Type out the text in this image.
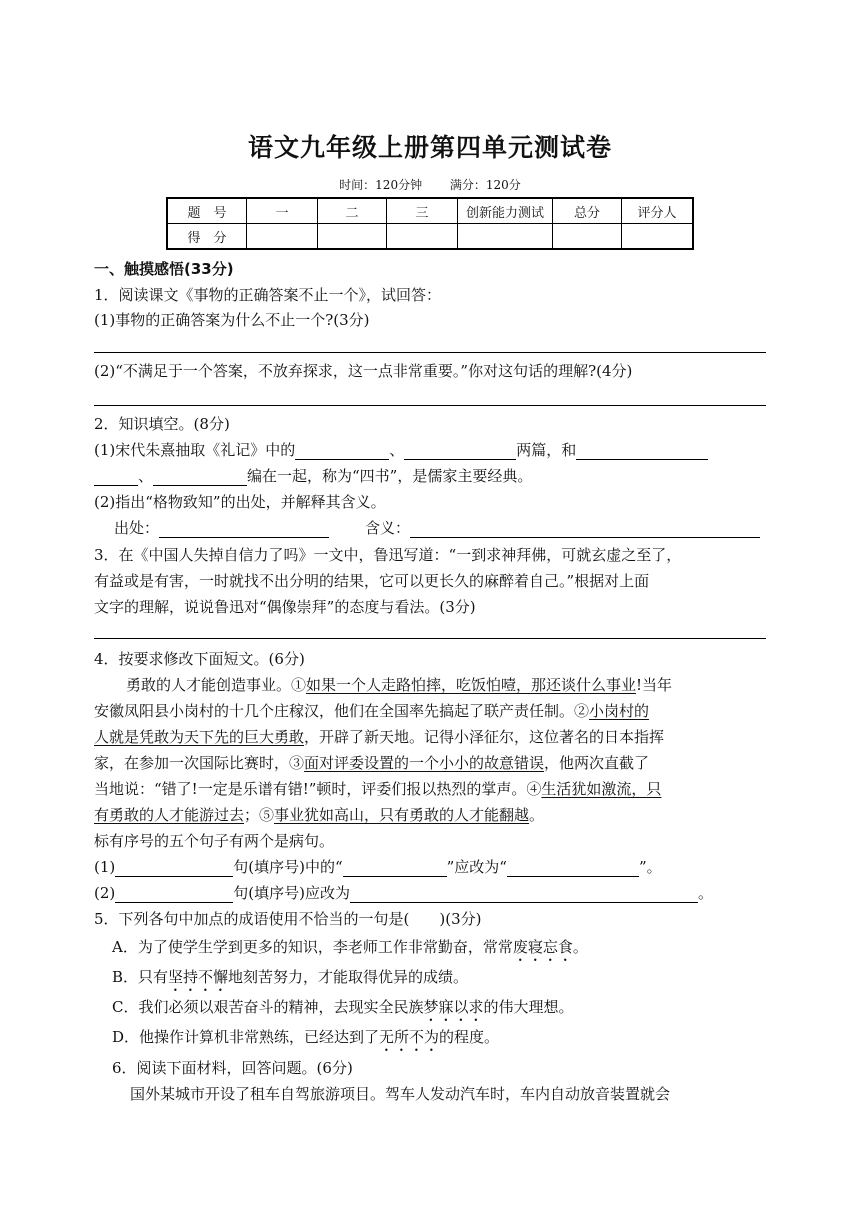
语文九年级上册第四单元测试卷
时间：120分钟 满分：120分
题　号	一	二	三	创新能力测试	总分	评分人
得　分						
一、触摸感悟(33分)
1．阅读课文《事物的正确答案不止一个》，试回答：
(1)事物的正确答案为什么不止一个?(3分)
(2)“不满足于一个答案，不放弃探求，这一点非常重要。”你对这句话的理解?(4分)
2．知识填空。(8分)
(1)宋代朱熹抽取《礼记》中的	、	两篇，和
、	编在一起，称为“四书”，是儒家主要经典。
(2)指出“格物致知”的出处，并解释其含义。
出处：	含义：
3．在《中国人失掉自信力了吗》一文中，鲁迅写道：“一到求神拜佛，可就玄虚之至了，
有益或是有害，一时就找不出分明的结果，它可以更长久的麻醉着自己。”根据对上面
文字的理解，说说鲁迅对“偶像崇拜”的态度与看法。(3分)
4．按要求修改下面短文。(6分)
勇敢的人才能创造事业。①如果一个人走路怕摔，吃饭怕噎，那还谈什么事业!当年
安徽凤阳县小岗村的十几个庄稼汉，他们在全国率先搞起了联产责任制。②小岗村的
人就是凭敢为天下先的巨大勇敢，开辟了新天地。记得小泽征尔，这位著名的日本指挥
家，在参加一次国际比赛时，③面对评委设置的一个小小的故意错误，他两次直截了
当地说：“错了!一定是乐谱有错!”顿时，评委们报以热烈的掌声。④生活犹如激流，只
有勇敢的人才能游过去；⑤事业犹如高山，只有勇敢的人才能翻越。
标有序号的五个句子有两个是病句。
(1)	句(填序号)中的“	”应改为“	”。
(2)	句(填序号)应改为	。
5．下列各句中加点的成语使用不恰当的一句是(　　)(3分)
A．为了使学生学到更多的知识，李老师工作非常勤奋，常常废寝忘食。
B．只有坚持不懈地刻苦努力，才能取得优异的成绩。
C．我们必须以艰苦奋斗的精神，去现实全民族梦寐以求的伟大理想。
D．他操作计算机非常熟练，已经达到了无所不为的程度。
6．阅读下面材料，回答问题。(6分)
国外某城市开设了租车自驾旅游项目。驾车人发动汽车时，车内自动放音装置就会
